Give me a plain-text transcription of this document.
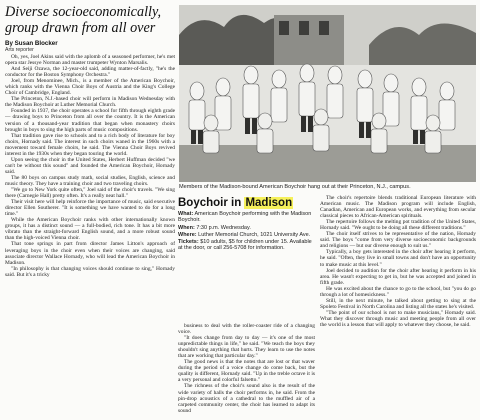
Diverse socioeconomically, group drawn from all over
By Susan Blocker
Arts reporter

Oh, yes, Joel Akins said with the aplomb of a seasoned performer, he's met opera star Jessye Norman and master trumpeter Wynton Marsalis.

And Seiji Ozawa, the 12-year-old said, adding matter-of-factly, "he's the conductor for the Boston Symphony Orchestra."

Joel, from Menominee, Mich., is a member of the American Boychoir, which ranks with the Vienna Choir Boys of Austria and the King's College Choir of Cambridge, England.

The Princeton, N.J.-based choir will perform in Madison Wednesday with the Madison Boychoir at Luther Memorial Church.

Founded in 1937, the choir operates a school for fifth through eighth grade — drawing boys to Princeton from all over the country. It is the American version of a thousand-year tradition that began when monastery choirs brought in boys to sing the high parts of music compositions.

That tradition gave rise to schools and to a rich body of literature for boy choirs, Hornady said. The interest in such choirs waned in the 1960s with a movement toward female choirs, he said. The Vienna Choir Boys revived interest in the 1930s when they began touring the world.

Upon seeing the choir in the United States, Herbert Huffman decided "we can't be without this sound" and founded the American Boychoir, Hornady said.

The 80 boys on campus study math, social studies, English, science and music theory. They have a training choir and two traveling choirs.

"We go to New York quite often," Joel said of the choir's travels. "We sing there (Carnegie Hall) pretty often. It's a really neat hall."

Their visit here will help reinforce the importance of music, said executive director Ellen Southerer. "It is something we have wanted to do for a long time."

While the American Boychoir ranks with other internationally known groups, it has a distinct sound — a full-bodied, rich tone. It has a bit more vibrato than the straight-forward English sound, and a more robust sound than the high-voiced Vienna choir.

That tone springs in part from director James Litton's approach of leveraging boys in the choir even when their voices are changing, said associate director Wallace Hornady, who will lead the American Boychoir in Madison.

"In philosophy is that changing voices should continue to sing," Hornady said. But it's a tricky

Members of the Madison-bound American Boychoir hang out at their Princeton, N.J., campus.
Boychoir in Madison
What: American Boychoir performing with the Madison Boychoir.
When: 7:30 p.m. Wednesday.
Where: Luther Memorial Church, 1021 University Ave.
Tickets: $10 adults, $5 for children under 15. Available at the door, or call 256-5708 for information.

business to deal with the roller-coaster ride of a changing voice.

"It does change from day to day — it's one of the most unpredictable things in life," he said. "We teach the boys they shouldn't sing anything that hurts. They learn to use the notes that are working that particular day."

The good news is that the notes that are lost or that waver during the period of a voice change do come back, but the quality is different, Hornady said. "Up in the treble octave it is a very personal and colorful falsetto."

The richness of the choir's sound also is the result of the wide variety of halls the choir performs in, he said. From the pin-drop acoustics of a cathedral to the muffled air of a carpeted community center, the choir has learned to adapt its sound

The choir's repertoire blends traditional European literature with American music. The Madison program will include English, Canadian, American and European works, and everything from secular classical pieces to African-American spirituals.

The repertoire follows the melting pot tradition of the United States, Hornady said. "We ought to be doing all these different traditions."

The choir itself strives to be representative of the nation, Hornady said. The boys "come from very diverse socioeconomic backgrounds and religions — but our diverse enough to suit us."

Typically, a boy gets interested in the choir after hearing it perform, he said. "Often, they live in small towns and don't have an opportunity to make music at this level."

Joel decided to audition for the choir after hearing it perform in his area. He wasn't expecting to get in, but he was accepted and joined in fifth grade.

He was excited about the chance to go to the school, but "you do go through a lot of homesickness."

Still, in the next minute, he talked about getting to sing at the Spoleto Festival in North Carolina and listing all the states he's visited.

"The point of our school is not to make musicians," Hornady said. What they discover through music and meeting people from all over the world is a lesson that will apply to whatever they choose, he said.
